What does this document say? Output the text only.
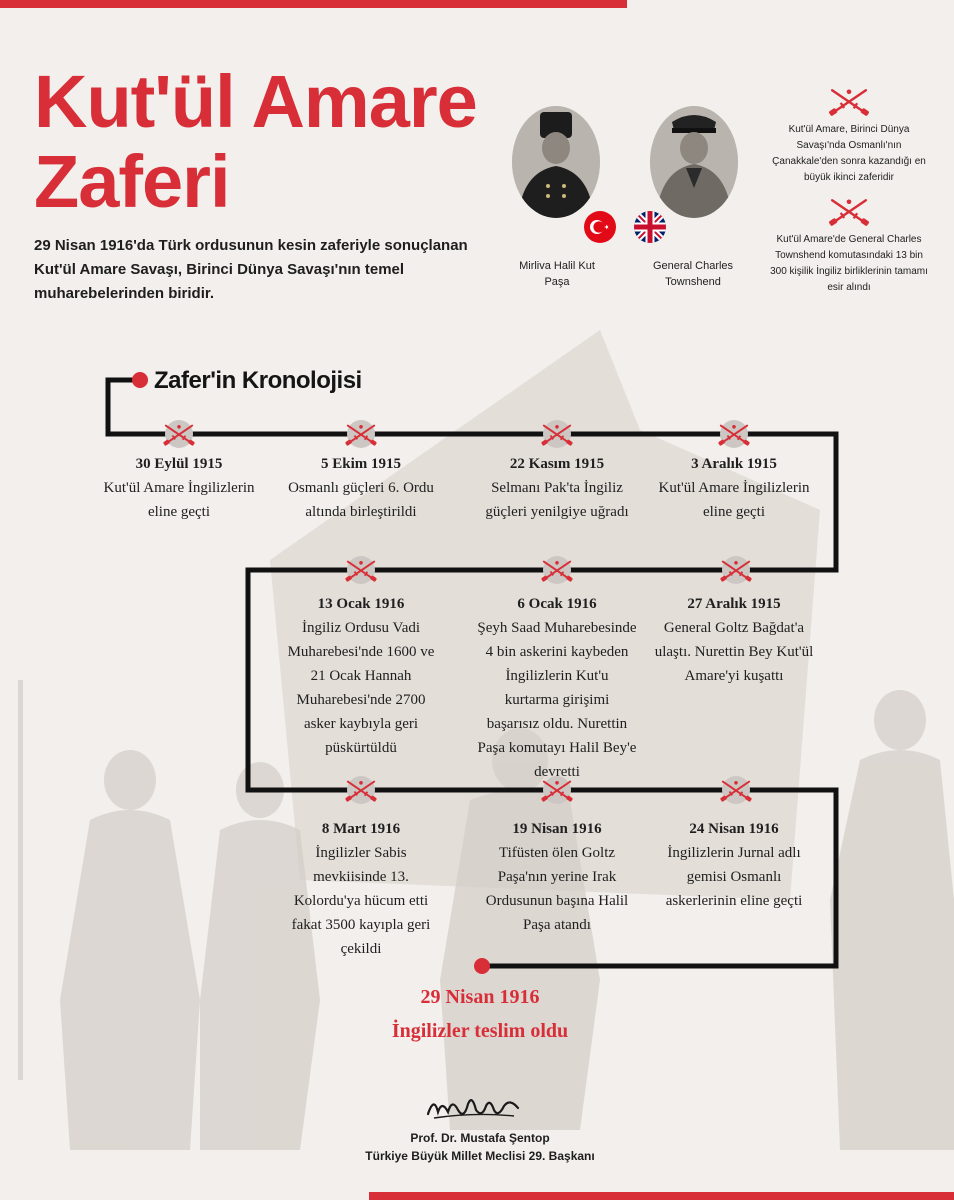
Kut'ül Amare
Zaferi

29 Nisan 1916'da Türk ordusunun kesin zaferiyle sonuçlanan Kut'ül Amare Savaşı, Birinci Dünya Savaşı'nın temel muharebelerinden biridir.

Mirliva Halil Kut Paşa
General Charles Townshend

Kut'ül Amare, Birinci Dünya Savaşı'nda Osmanlı'nın Çanakkale'den sonra kazandığı en büyük ikinci zaferidir

Kut'ül Amare'de General Charles Townshend komutasındaki 13 bin 300 kişilik İngiliz birliklerinin tamamı esir alındı

Zafer'in Kronolojisi
30 Eylül 1915
Kut'ül Amare İngilizlerin eline geçti
5 Ekim 1915
Osmanlı güçleri 6. Ordu altında birleştirildi
22 Kasım 1915
Selmanı Pak'ta İngiliz güçleri yenilgiye uğradı
3 Aralık 1915
Kut'ül Amare İngilizlerin eline geçti
27 Aralık 1915
General Goltz Bağdat'a ulaştı. Nurettin Bey Kut'ül Amare'yi kuşattı
6 Ocak 1916
Şeyh Saad Muharebesinde 4 bin askerini kaybeden İngilizlerin Kut'u kurtarma girişimi başarısız oldu. Nurettin Paşa komutayı Halil Bey'e devretti
13 Ocak 1916
İngiliz Ordusu Vadi Muharebesi'nde 1600 ve 21 Ocak Hannah Muharebesi'nde 2700 asker kaybıyla geri püskürtüldü
8 Mart 1916
İngilizler Sabis mevkiisinde 13. Kolordu'ya hücum etti fakat 3500 kayıpla geri çekildi
19 Nisan 1916
Tifüsten ölen Goltz Paşa'nın yerine Irak Ordusunun başına Halil Paşa atandı
24 Nisan 1916
İngilizlerin Jurnal adlı gemisi Osmanlı askerlerinin eline geçti
29 Nisan 1916
İngilizler teslim oldu
Prof. Dr. Mustafa Şentop
Türkiye Büyük Millet Meclisi 29. Başkanı
